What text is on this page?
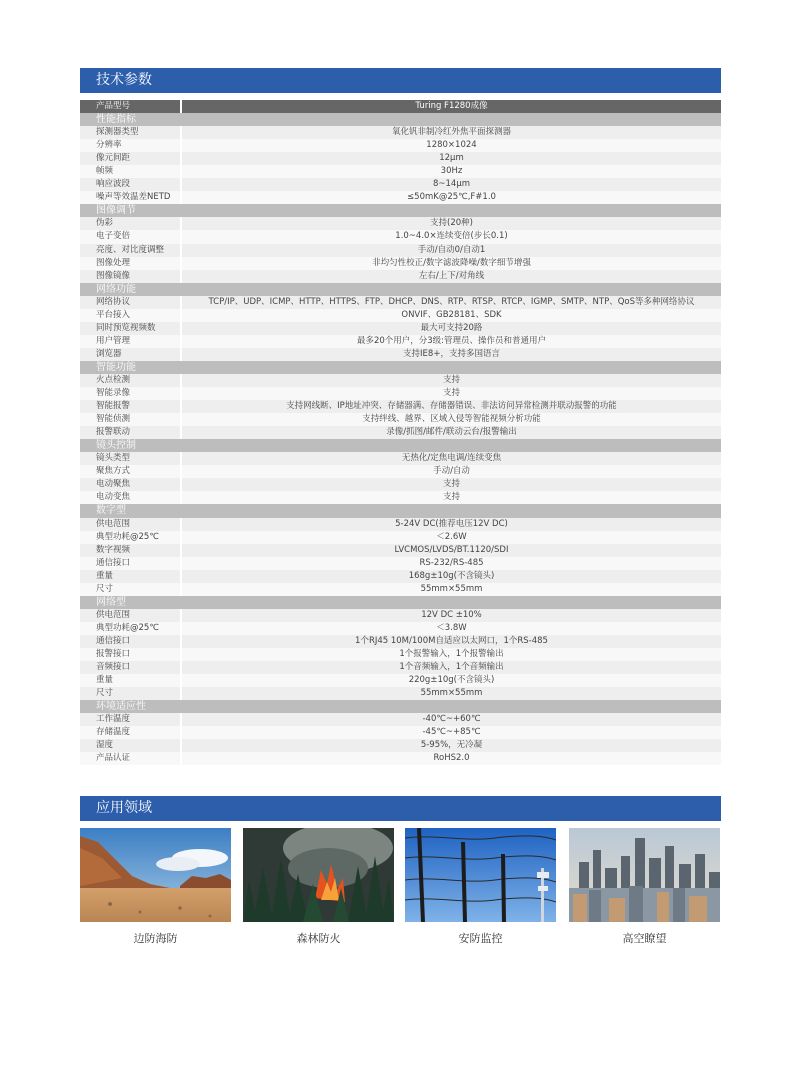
技术参数
产品型号	Turing F1280成像
性能指标
探测器类型	氧化钒非制冷红外焦平面探测器
分辨率	1280×1024
像元间距	12μm
帧频	30Hz
响应波段	8~14μm
噪声等效温差NETD	≤50mK@25℃,F#1.0
图像调节
伪彩	支持(20种)
电子变倍	1.0~4.0×连续变倍(步长0.1)
亮度、对比度调整	手动/自动0/自动1
图像处理	非均匀性校正/数字滤波降噪/数字细节增强
图像镜像	左右/上下/对角线
网络功能
网络协议	TCP/IP、UDP、ICMP、HTTP、HTTPS、FTP、DHCP、DNS、RTP、RTSP、RTCP、IGMP、SMTP、NTP、QoS等多种网络协议
平台接入	ONVIF、GB28181、SDK
同时预览视频数	最大可支持20路
用户管理	最多20个用户，分3级:管理员、操作员和普通用户
浏览器	支持IE8+，支持多国语言
智能功能
火点检测	支持
智能录像	支持
智能报警	支持网线断、IP地址冲突、存储器满、存储器错误、非法访问异常检测并联动报警的功能
智能侦测	支持绊线、越界、区域入侵等智能视频分析功能
报警联动	录像/抓图/邮件/联动云台/报警输出
镜头控制
镜头类型	无热化/定焦电调/连续变焦
聚焦方式	手动/自动
电动聚焦	支持
电动变焦	支持
数字型
供电范围	5-24V DC(推荐电压12V DC)
典型功耗@25℃	＜2.6W
数字视频	LVCMOS/LVDS/BT.1120/SDI
通信接口	RS-232/RS-485
重量	168g±10g(不含镜头)
尺寸	55mm×55mm
网络型
供电范围	12V DC ±10%
典型功耗@25℃	＜3.8W
通信接口	1个RJ45 10M/100M自适应以太网口，1个RS-485
报警接口	1个报警输入，1个报警输出
音频接口	1个音频输入，1个音频输出
重量	220g±10g(不含镜头)
尺寸	55mm×55mm
环境适应性
工作温度	-40℃~+60℃
存储温度	-45℃~+85℃
湿度	5-95%，无冷凝
产品认证	RoHS2.0
应用领域
边防海防	森林防火	安防监控	高空瞭望
